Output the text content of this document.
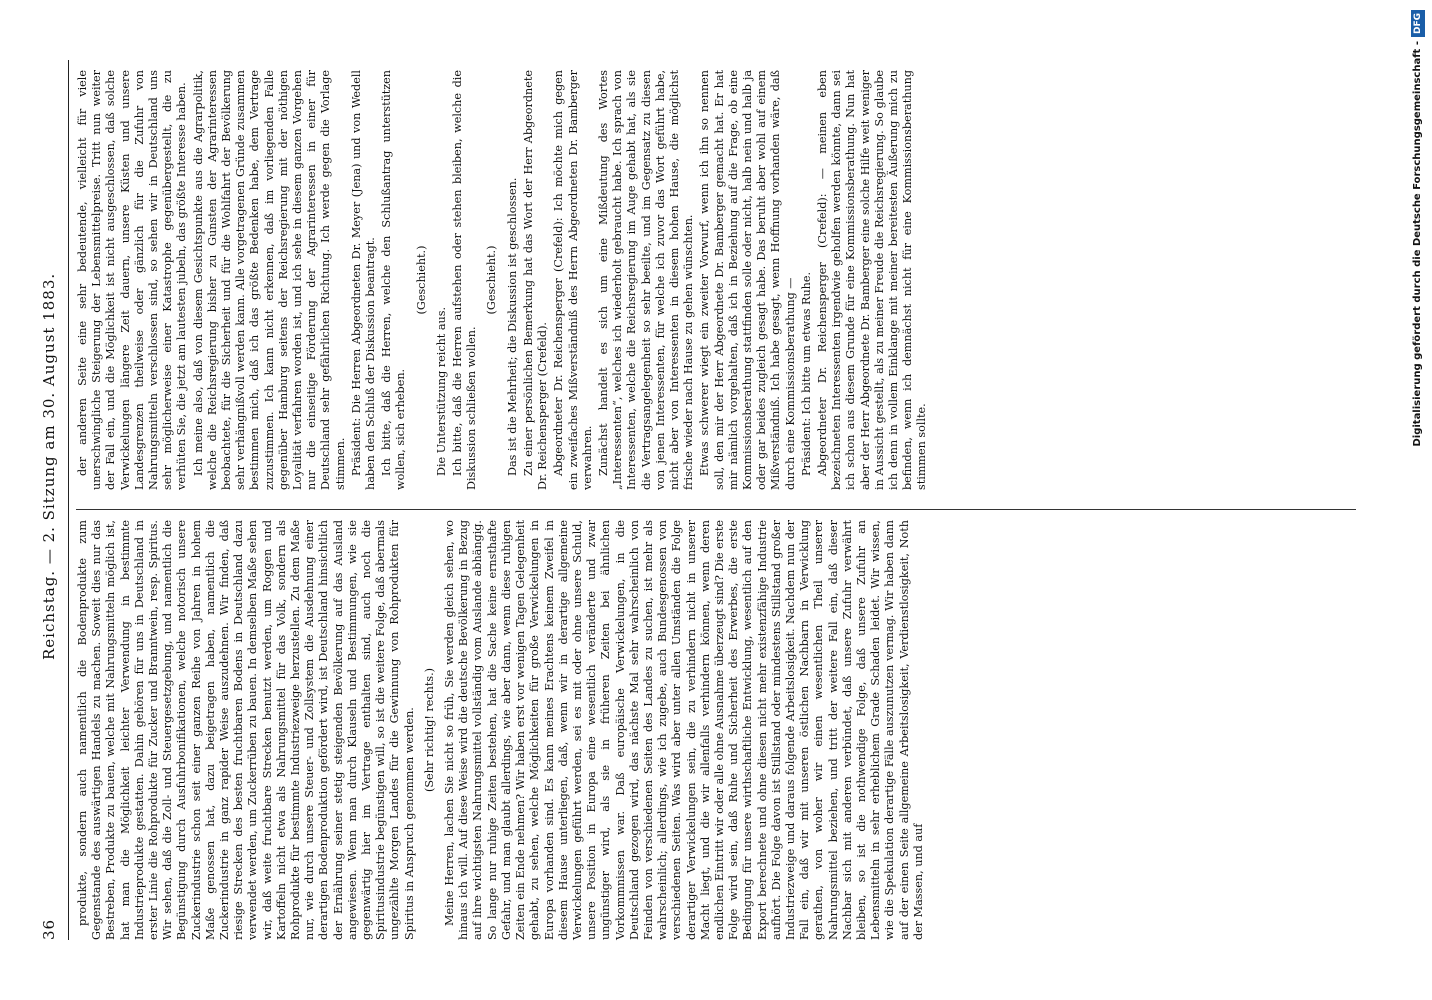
36
Reichstag. — 2. Sitzung am 30. August 1883.

produkte, sondern auch namentlich die Bodenprodukte zum Gegenstande des auswärtigen Handels zu machen. Soweit dies nur das Bestreben, Produkte zu bauen, welche mit Nahrungsmitteln möglich ist, hat man die Möglichkeit leichter Verwendung in bestimmte Industrieprodukte gestatten. Dahin gehören für uns in Deutschland in erster Linie die Rohprodukte für Zucker und Branntwein, resp. Spiritus. Wir sehen, daß die Zoll- und Steuergesetzgebung, und namentlich die Begünstigung durch Ausfuhrbonifikationen, welche notorisch unsere Zuckerindustrie schon seit einer ganzen Reihe von Jahren in hohem Maße genossen hat, dazu beigetragen haben, namentlich die Zuckerindustrie in ganz rapider Weise auszudehnen. Wir finden, daß riesige Strecken des besten fruchtbaren Bodens in Deutschland dazu verwendet werden, um Zuckerrüben zu bauen. In demselben Maße sehen wir, daß weite fruchtbare Strecken benutzt werden, um Roggen und Kartoffeln nicht etwa als Nahrungsmittel für das Volk, sondern als Rohprodukte für bestimmte Industriezweige herzustellen. Zu dem Maße nur, wie durch unsere Steuer- und Zollsystem die Ausdehnung einer derartigen Bodenproduktion gefördert wird, ist Deutschland hinsichtlich der Ernährung seiner stetig steigenden Bevölkerung auf das Ausland angewiesen. Wenn man durch Klauseln und Bestimmungen, wie sie gegenwärtig hier im Vertrage enthalten sind, auch noch die Spiritusindustrie begünstigen will, so ist die weitere Folge, daß abermals ungezählte Morgen Landes für die Gewinnung von Rohprodukten für Spiritus in Anspruch genommen werden. (Sehr richtig! rechts.) Meine Herren, lachen Sie nicht so früh, Sie werden gleich sehen, wo hinaus ich will. Auf diese Weise wird die deutsche Bevölkerung in Bezug auf ihre wichtigsten Nahrungsmittel vollständig vom Auslande abhängig. So lange nur ruhige Zeiten bestehen, hat die Sache keine ernsthafte Gefahr, und man glaubt allerdings, wie aber dann, wenn diese ruhigen Zeiten ein Ende nehmen? Wir haben erst vor wenigen Tagen Gelegenheit gehabt, zu sehen, welche Möglichkeiten für große Verwickelungen in Europa vorhanden sind. Es kann meines Erachtens keinem Zweifel in diesem Hause unterliegen, daß, wenn wir in derartige allgemeine Verwickelungen geführt werden, sei es mit oder ohne unsere Schuld, unsere Position in Europa eine wesentlich veränderte und zwar ungünstiger wird, als sie in früheren Zeiten bei ähnlichen Vorkommnissen war. Daß europäische Verwickelungen, in die Deutschland gezogen wird, das nächste Mal sehr wahrscheinlich von Feinden von verschiedenen Seiten des Landes zu suchen, ist mehr als wahrscheinlich; allerdings, wie ich zugebe, auch Bundesgenossen von verschiedenen Seiten. Was wird aber unter allen Umständen die Folge derartiger Verwickelungen sein, die zu verhindern nicht in unserer Macht liegt, und die wir allenfalls verhindern können, wenn deren endlichen Eintritt wir oder alle ohne Ausnahme überzeugt sind? Die erste Folge wird sein, daß Ruhe und Sicherheit des Erwerbes, die erste Bedingung für unsere wirthschaftliche Entwicklung, wesentlich auf den Export berechnete und ohne diesen nicht mehr existenzfähige Industrie aufhört. Die Folge davon ist Stillstand oder mindestens Stillstand großer Industriezweige und daraus folgende Arbeitslosigkeit. Nachdem nun der Fall ein, daß wir mit unseren östlichen Nachbarn in Verwicklung gerathen, von woher wir einen wesentlichen Theil unserer Nahrungsmittel beziehen, und tritt der weitere Fall ein, daß dieser Nachbar sich mit anderen verbündet, daß unsere Zufuhr verwährt bleiben, so ist die nothwendige Folge, daß unsere Zufuhr an Lebensmitteln in sehr erheblichem Grade Schaden leidet. Wir wissen, wie die Spekulation derartige Fälle auszunutzen vermag. Wir haben dann auf der einen Seite allgemeine Arbeitslosigkeit, Verdienstlosigkeit, Noth der Massen, und auf

der anderen Seite eine sehr bedeutende, vielleicht für viele unerschwingliche Steigerung der Lebensmittelpreise. Tritt nun weiter der Fall ein, und die Möglichkeit ist nicht ausgeschlossen, daß solche Verwickelungen längere Zeit dauern, unsere Küsten und unsere Landesgrenzen theilweise oder gänzlich für die Zufuhr von Nahrungsmitteln verschlossen sind, so sehen wir in Deutschland uns sehr möglicherweise einer Katastrophe gegenübergestellt, die zu verhüten Sie, die jetzt am lautesten jubeln, das größte Interesse haben. Ich meine also, daß von diesem Gesichtspunkte aus die Agrarpolitik, welche die Reichsregierung bisher zu Gunsten der Agrarinteressen beobachtete, für die Sicherheit und für die Wohlfahrt der Bevölkerung sehr verhängnißvoll werden kann. Alle vorgetragenen Gründe zusammen bestimmen mich, daß ich das größte Bedenken habe, dem Vertrage zuzustimmen. Ich kann nicht erkennen, daß im vorliegenden Falle gegenüber Hamburg seitens der Reichsregierung mit der nöthigen Loyalität verfahren worden ist, und ich sehe in diesem ganzen Vorgehen nur die einseitige Förderung der Agrarinteressen in einer für Deutschland sehr gefährlichen Richtung. Ich werde gegen die Vorlage stimmen. Präsident: Die Herren Abgeordneten Dr. Meyer (Jena) und von Wedell haben den Schluß der Diskussion beantragt. Ich bitte, daß die Herren, welche den Schlußantrag unterstützen wollen, sich erheben.

(Geschieht.)

Die Unterstützung reicht aus. Ich bitte, daß die Herren aufstehen oder stehen bleiben, welche die Diskussion schließen wollen.

(Geschieht.) Das ist die Mehrheit; die Diskussion ist geschlossen. Zu einer persönlichen Bemerkung hat das Wort der Herr Abgeordnete Dr. Reichensperger (Crefeld). Abgeordneter Dr. Reichensperger (Crefeld): Ich möchte mich gegen ein zweifaches Mißverständniß des Herrn Abgeordneten Dr. Bamberger verwahren. Zunächst handelt es sich um eine Mißdeutung des Wortes „Interessenten“, welches ich wiederholt gebraucht habe. Ich sprach von Interessenten, welche die Reichsregierung im Auge gehabt hat, als sie die Vertragsangelegenheit so sehr beeilte, und im Gegensatz zu diesen von jenen Interessenten, für welche ich zuvor das Wort geführt habe, nicht aber von Interessenten in diesem hohen Hause, die möglichst frische wieder nach Hause zu gehen wünschten. Etwas schwerer wiegt ein zweiter Vorwurf, wenn ich ihn so nennen soll, den mir der Herr Abgeordnete Dr. Bamberger gemacht hat. Er hat mir nämlich vorgehalten, daß ich in Beziehung auf die Frage, ob eine Kommissionsberathung stattfinden solle oder nicht, halb nein und halb ja oder gar beides zugleich gesagt habe. Das beruht aber wohl auf einem Mißverständniß. Ich habe gesagt, wenn Hoffnung vorhanden wäre, daß durch eine Kommissionsberathung — Präsident: Ich bitte um etwas Ruhe. Abgeordneter Dr. Reichensperger (Crefeld): — meinen eben bezeichneten Interessenten irgendwie geholfen werden könnte, dann sei ich schon aus diesem Grunde für eine Kommissionsberathung. Nun hat aber der Herr Abgeordnete Dr. Bamberger eine solche Hilfe weit weniger in Aussicht gestellt, als zu meiner Freude die Reichsregierung. So glaube ich denn in vollem Einklange mit meiner bereitesten Äußerung mich zu befinden, wenn ich demnächst nicht für eine Kommissionsberathung stimmen sollte.

Digitalisierung gefördert durch die Deutsche Forschungsgemeinschaft -DFG
